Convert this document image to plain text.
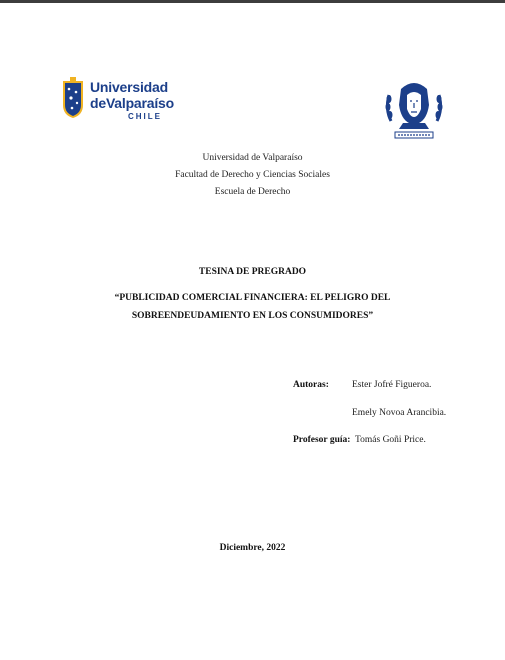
Universidad
deValparaíso
CHILE
Universidad de Valparaíso
Facultad de Derecho y Ciencias Sociales
Escuela de Derecho
TESINA DE PREGRADO
“PUBLICIDAD COMERCIAL FINANCIERA: EL PELIGRO DEL
SOBREENDEUDAMIENTO EN LOS CONSUMIDORES”
Autoras: Ester Jofré Figueroa.
Emely Novoa Arancibia.
Profesor guía: Tomás Goñi Price.
Diciembre, 2022
